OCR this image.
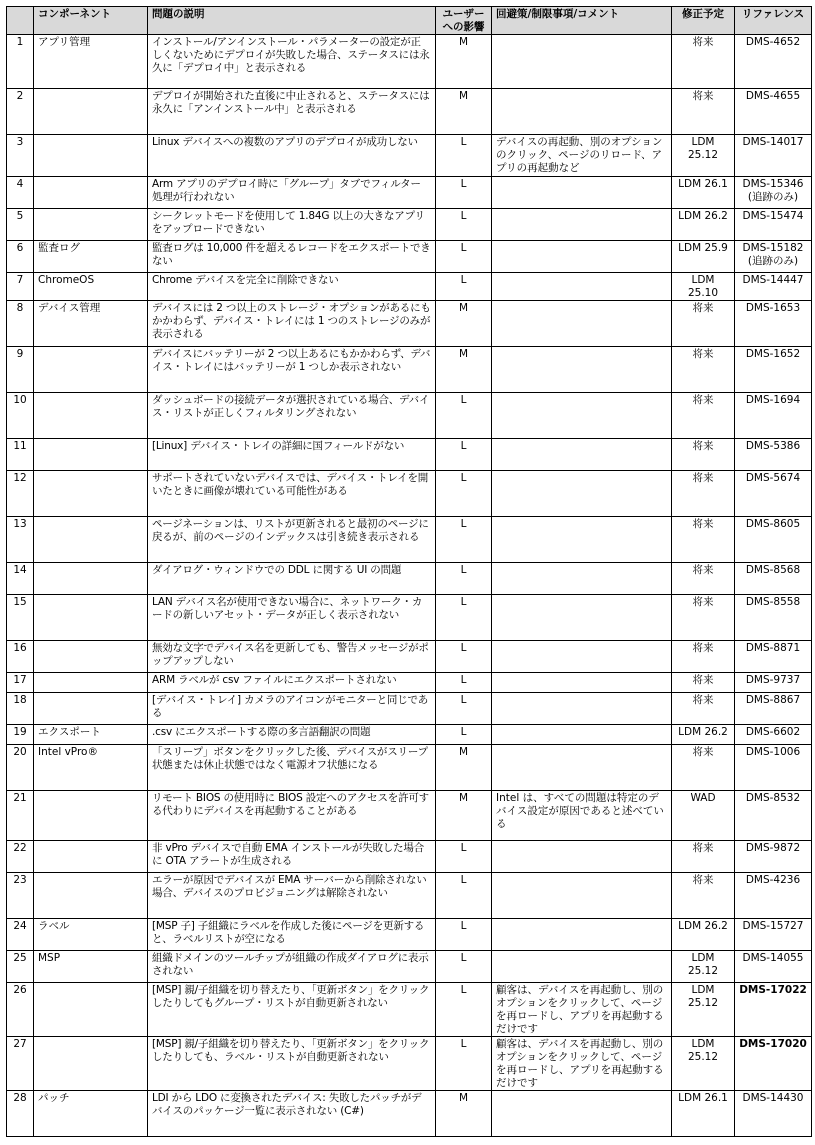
	コンポーネント	問題の説明	ユーザーへの影響	回避策/制限事項/コメント	修正予定	リファレンス
1	アプリ管理	インストール/アンインストール・パラメーターの設定が正しくないためにデプロイが失敗した場合、ステータスには永久に「デプロイ中」と表示される	M		将来	DMS-4652
2		デプロイが開始された直後に中止されると、ステータスには永久に「アンインストール中」と表示される	M		将来	DMS-4655
3		Linux デバイスへの複数のアプリのデプロイが成功しない	L	デバイスの再起動、別のオプションのクリック、ページのリロード、アプリの再起動など	LDM 25.12	DMS-14017
4		Arm アプリのデプロイ時に「グループ」タブでフィルター処理が行われない	L		LDM 26.1	DMS-15346 (追跡のみ)
5		シークレットモードを使用して 1.84G 以上の大きなアプリをアップロードできない	L		LDM 26.2	DMS-15474
6	監査ログ	監査ログは 10,000 件を超えるレコードをエクスポートできない	L		LDM 25.9	DMS-15182 (追跡のみ)
7	ChromeOS	Chrome デバイスを完全に削除できない	L		LDM 25.10	DMS-14447
8	デバイス管理	デバイスには 2 つ以上のストレージ・オプションがあるにもかかわらず、デバイス・トレイには 1 つのストレージのみが表示される	M		将来	DMS-1653
9		デバイスにバッテリーが 2 つ以上あるにもかかわらず、デバイス・トレイにはバッテリーが 1 つしか表示されない	M		将来	DMS-1652
10		ダッシュボードの接続データが選択されている場合、デバイス・リストが正しくフィルタリングされない	L		将来	DMS-1694
11		[Linux] デバイス・トレイの詳細に国フィールドがない	L		将来	DMS-5386
12		サポートされていないデバイスでは、デバイス・トレイを開いたときに画像が壊れている可能性がある	L		将来	DMS-5674
13		ページネーションは、リストが更新されると最初のページに戻るが、前のページのインデックスは引き続き表示される	L		将来	DMS-8605
14		ダイアログ・ウィンドウでの DDL に関する UI の問題	L		将来	DMS-8568
15		LAN デバイス名が使用できない場合に、ネットワーク・カードの新しいアセット・データが正しく表示されない	L		将来	DMS-8558
16		無効な文字でデバイス名を更新しても、警告メッセージがポップアップしない	L		将来	DMS-8871
17		ARM ラベルが csv ファイルにエクスポートされない	L		将来	DMS-9737
18		[デバイス・トレイ] カメラのアイコンがモニターと同じである	L		将来	DMS-8867
19	エクスポート	.csv にエクスポートする際の多言語翻訳の問題	L		LDM 26.2	DMS-6602
20	Intel vPro®	「スリープ」ボタンをクリックした後、デバイスがスリープ状態または休止状態ではなく電源オフ状態になる	M		将来	DMS-1006
21		リモート BIOS の使用時に BIOS 設定へのアクセスを許可する代わりにデバイスを再起動することがある	M	Intel は、すべての問題は特定のデバイス設定が原因であると述べている	WAD	DMS-8532
22		非 vPro デバイスで自動 EMA インストールが失敗した場合に OTA アラートが生成される	L		将来	DMS-9872
23		エラーが原因でデバイスが EMA サーバーから削除されない場合、デバイスのプロビジョニングは解除されない	L		将来	DMS-4236
24	ラベル	[MSP 子] 子組織にラベルを作成した後にページを更新すると、ラベルリストが空になる	L		LDM 26.2	DMS-15727
25	MSP	組織ドメインのツールチップが組織の作成ダイアログに表示されない	L		LDM 25.12	DMS-14055
26		[MSP] 親/子組織を切り替えたり、「更新ボタン」をクリックしたりしてもグループ・リストが自動更新されない	L	顧客は、デバイスを再起動し、別のオプションをクリックして、ページを再ロードし、アプリを再起動するだけです	LDM 25.12	DMS-17022
27		[MSP] 親/子組織を切り替えたり、「更新ボタン」をクリックしたりしても、ラベル・リストが自動更新されない	L	顧客は、デバイスを再起動し、別のオプションをクリックして、ページを再ロードし、アプリを再起動するだけです	LDM 25.12	DMS-17020
28	パッチ	LDI から LDO に変換されたデバイス: 失敗したパッチがデバイスのパッケージ一覧に表示されない (C#)	M		LDM 26.1	DMS-14430
